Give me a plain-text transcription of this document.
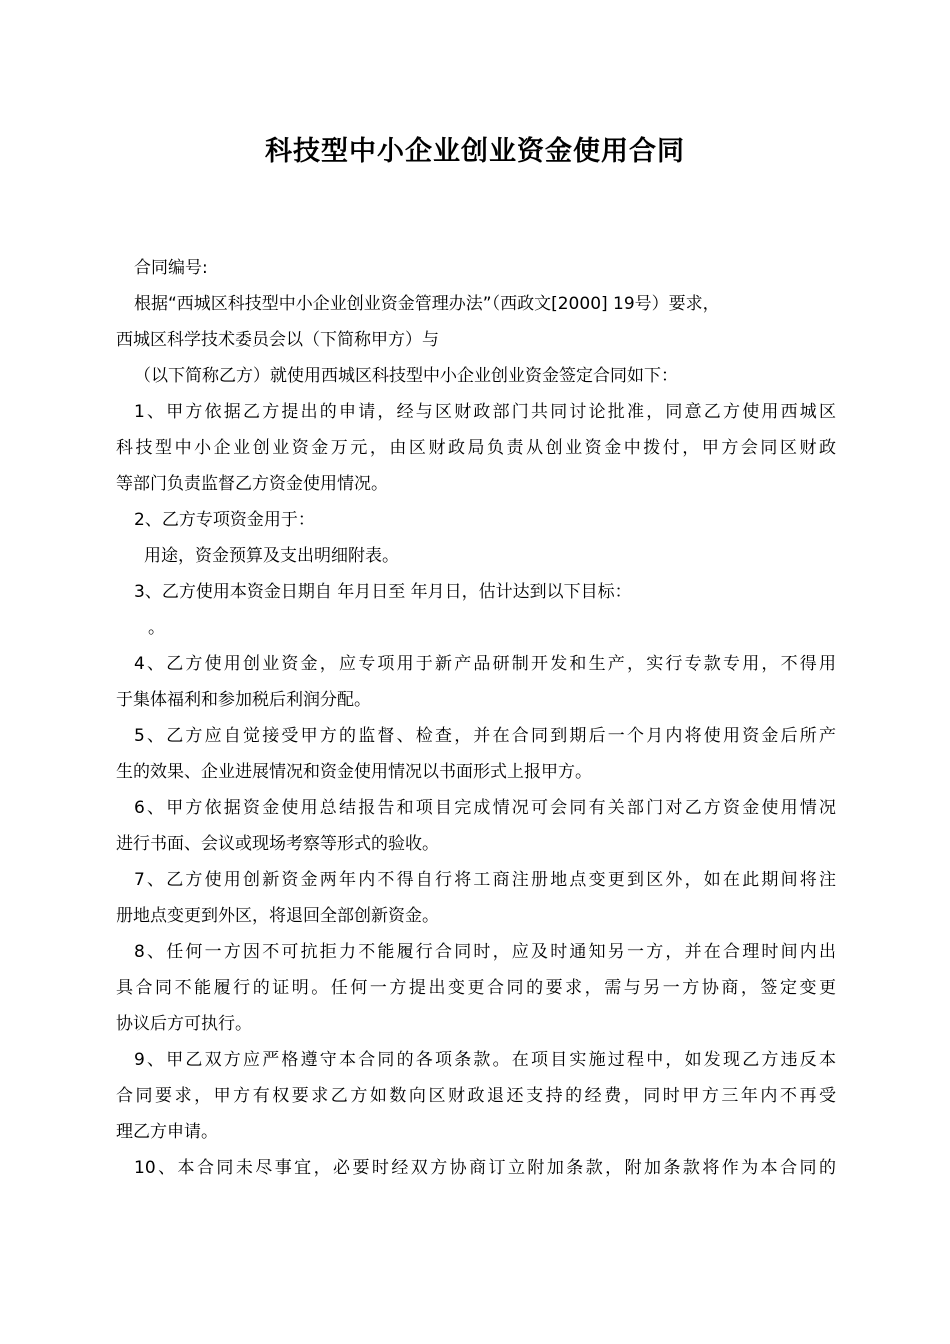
科技型中小企业创业资金使用合同
合同编号:
根据“西城区科技型中小企业创业资金管理办法”（西政文[2000] 19号）要求，
西城区科学技术委员会以（下简称甲方）与
（以下简称乙方）就使用西城区科技型中小企业创业资金签定合同如下：
1、甲方依据乙方提出的申请，经与区财政部门共同讨论批准，同意乙方使用西城区
科技型中小企业创业资金万元，由区财政局负责从创业资金中拨付，甲方会同区财政
等部门负责监督乙方资金使用情况。
2、乙方专项资金用于：
用途，资金预算及支出明细附表。
3、乙方使用本资金日期自 年月日至 年月日，估计达到以下目标：
。
4、乙方使用创业资金，应专项用于新产品研制开发和生产，实行专款专用，不得用
于集体福利和参加税后利润分配。
5、乙方应自觉接受甲方的监督、检查，并在合同到期后一个月内将使用资金后所产
生的效果、企业进展情况和资金使用情况以书面形式上报甲方。
6、甲方依据资金使用总结报告和项目完成情况可会同有关部门对乙方资金使用情况
进行书面、会议或现场考察等形式的验收。
7、乙方使用创新资金两年内不得自行将工商注册地点变更到区外，如在此期间将注
册地点变更到外区，将退回全部创新资金。
8、任何一方因不可抗拒力不能履行合同时，应及时通知另一方，并在合理时间内出
具合同不能履行的证明。任何一方提出变更合同的要求，需与另一方协商，签定变更
协议后方可执行。
9、甲乙双方应严格遵守本合同的各项条款。在项目实施过程中，如发现乙方违反本
合同要求，甲方有权要求乙方如数向区财政退还支持的经费，同时甲方三年内不再受
理乙方申请。
10、本合同未尽事宜，必要时经双方协商订立附加条款，附加条款将作为本合同的
